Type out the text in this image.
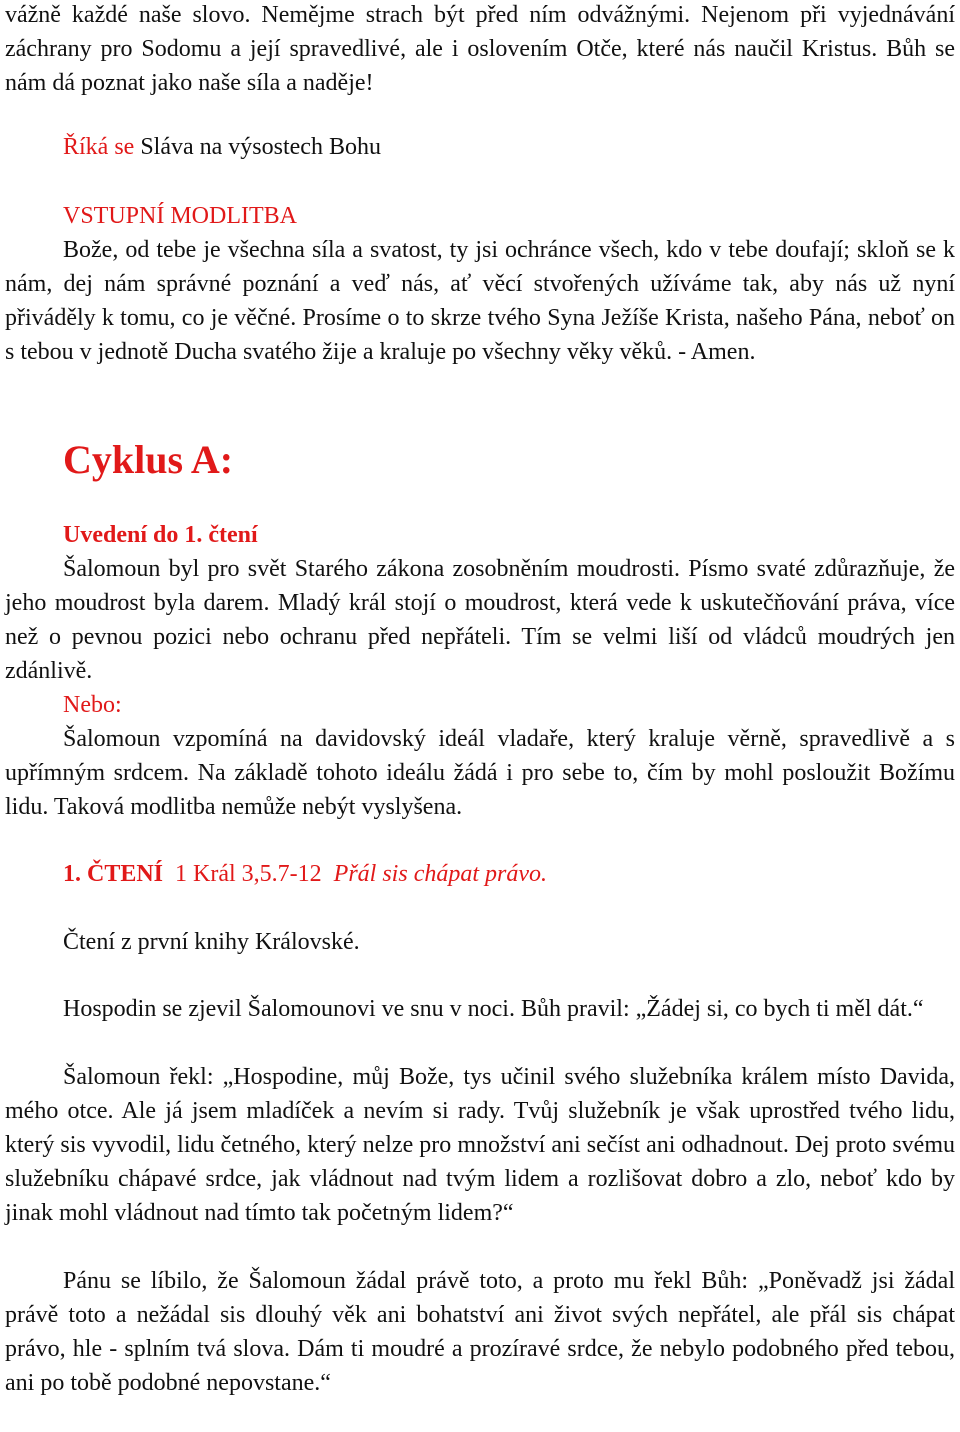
vážně každé naše slovo. Nemějme strach být před ním odvážnými. Nejenom při vyjednávání záchrany pro Sodomu a její spravedlivé, ale i oslovením Otče, které nás naučil Kristus. Bůh se nám dá poznat jako naše síla a naděje!

Říká se Sláva na výsostech Bohu

VSTUPNÍ MODLITBA

Bože, od tebe je všechna síla a svatost, ty jsi ochránce všech, kdo v tebe doufají; skloň se k nám, dej nám správné poznání a veď nás, ať věcí stvořených užíváme tak, aby nás už nyní přiváděly k tomu, co je věčné. Prosíme o to skrze tvého Syna Ježíše Krista, našeho Pána, neboť on s tebou v jednotě Ducha svatého žije a kraluje po všechny věky věků. - Amen.

Cyklus A:

Uvedení do 1. čtení

Šalomoun byl pro svět Starého zákona zosobněním moudrosti. Písmo svaté zdůrazňuje, že jeho moudrost byla darem. Mladý král stojí o moudrost, která vede k uskutečňování práva, více než o pevnou pozici nebo ochranu před nepřáteli. Tím se velmi liší od vládců moudrých jen zdánlivě.

Nebo:

Šalomoun vzpomíná na davidovský ideál vladaře, který kraluje věrně, spravedlivě a s upřímným srdcem. Na základě tohoto ideálu žádá i pro sebe to, čím by mohl posloužit Božímu lidu. Taková modlitba nemůže nebýt vyslyšena.

1. ČTENÍ 1 Král 3,5.7-12 Přál sis chápat právo.

Čtení z první knihy Královské.

Hospodin se zjevil Šalomounovi ve snu v noci. Bůh pravil: „Žádej si, co bych ti měl dát.“

Šalomoun řekl: „Hospodine, můj Bože, tys učinil svého služebníka králem místo Davida, mého otce. Ale já jsem mladíček a nevím si rady. Tvůj služebník je však uprostřed tvého lidu, který sis vyvodil, lidu četného, který nelze pro množství ani sečíst ani odhadnout. Dej proto svému služebníku chápavé srdce, jak vládnout nad tvým lidem a rozlišovat dobro a zlo, neboť kdo by jinak mohl vládnout nad tímto tak početným lidem?“

Pánu se líbilo, že Šalomoun žádal právě toto, a proto mu řekl Bůh: „Poněvadž jsi žádal právě toto a nežádal sis dlouhý věk ani bohatství ani život svých nepřátel, ale přál sis chápat právo, hle - splním tvá slova. Dám ti moudré a prozíravé srdce, že nebylo podobného před tebou, ani po tobě podobné nepovstane.“
